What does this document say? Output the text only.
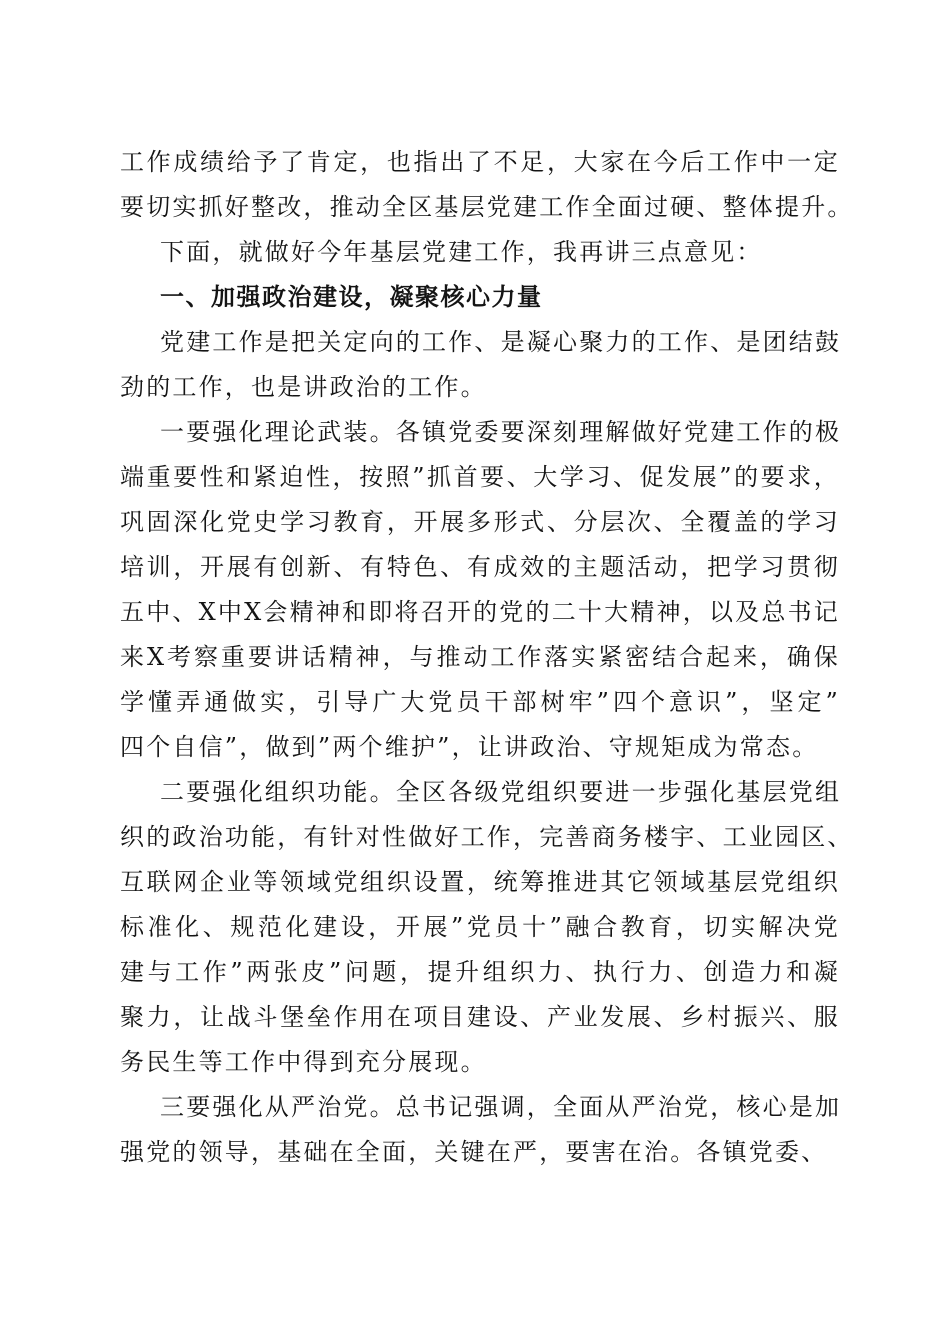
工作成绩给予了肯定，也指出了不足，大家在今后工作中一定
要切实抓好整改，推动全区基层党建工作全面过硬、整体提升。
下面，就做好今年基层党建工作，我再讲三点意见：
一、加强政治建设，凝聚核心力量
党建工作是把关定向的工作、是凝心聚力的工作、是团结鼓
劲的工作，也是讲政治的工作。
一要强化理论武装。各镇党委要深刻理解做好党建工作的极
端重要性和紧迫性，按照”抓首要、大学习、促发展”的要求，
巩固深化党史学习教育，开展多形式、分层次、全覆盖的学习
培训，开展有创新、有特色、有成效的主题活动，把学习贯彻
五中、X中X会精神和即将召开的党的二十大精神，以及总书记
来X考察重要讲话精神，与推动工作落实紧密结合起来，确保
学懂弄通做实，引导广大党员干部树牢”四个意识”，坚定”
四个自信”，做到”两个维护”，让讲政治、守规矩成为常态。
二要强化组织功能。全区各级党组织要进一步强化基层党组
织的政治功能，有针对性做好工作，完善商务楼宇、工业园区、
互联网企业等领域党组织设置，统筹推进其它领域基层党组织
标准化、规范化建设，开展”党员十”融合教育，切实解决党
建与工作”两张皮”问题，提升组织力、执行力、创造力和凝
聚力，让战斗堡垒作用在项目建设、产业发展、乡村振兴、服
务民生等工作中得到充分展现。
三要强化从严治党。总书记强调，全面从严治党，核心是加
强党的领导，基础在全面，关键在严，要害在治。各镇党委、
